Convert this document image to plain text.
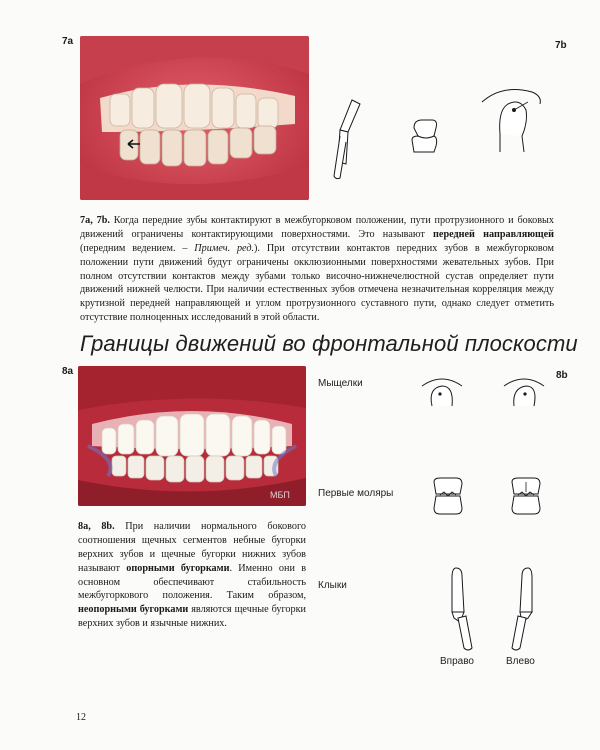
7a	7b
7a, 7b. Когда передние зубы контактируют в межбугорковом положении, пути протрузионного и боковых движений ограничены контактирующими поверхностями. Это называют передней направляющей (передним ведением. – Примеч. ред.). При отсутствии контактов передних зубов в межбугорковом положении пути движений будут ограничены окклюзионными поверхностями жевательных зубов. При полном отсутствии контактов между зубами только височно-нижнечелюстной сустав определяет пути движений нижней челюсти. При наличии естественных зубов отмечена незначительная корреляция между крутизной передней направляющей и углом протрузионного суставного пути, однако следует отметить отсутствие полноценных исследований в этой области.
Границы движений во фронтальной плоскости
8a
МБП
8b
Мыщелки
Первые моляры
Клыки
Вправо	Влево
8a, 8b. При наличии нормального бокового соотношения щечных сегментов небные бугорки верхних зубов и щечные бугорки нижних зубов называют опорными бугорками. Именно они в основном обеспечивают стабильность межбугоркового положения. Таким образом, неопорными бугорками являются щечные бугорки верхних зубов и язычные нижних.
12
